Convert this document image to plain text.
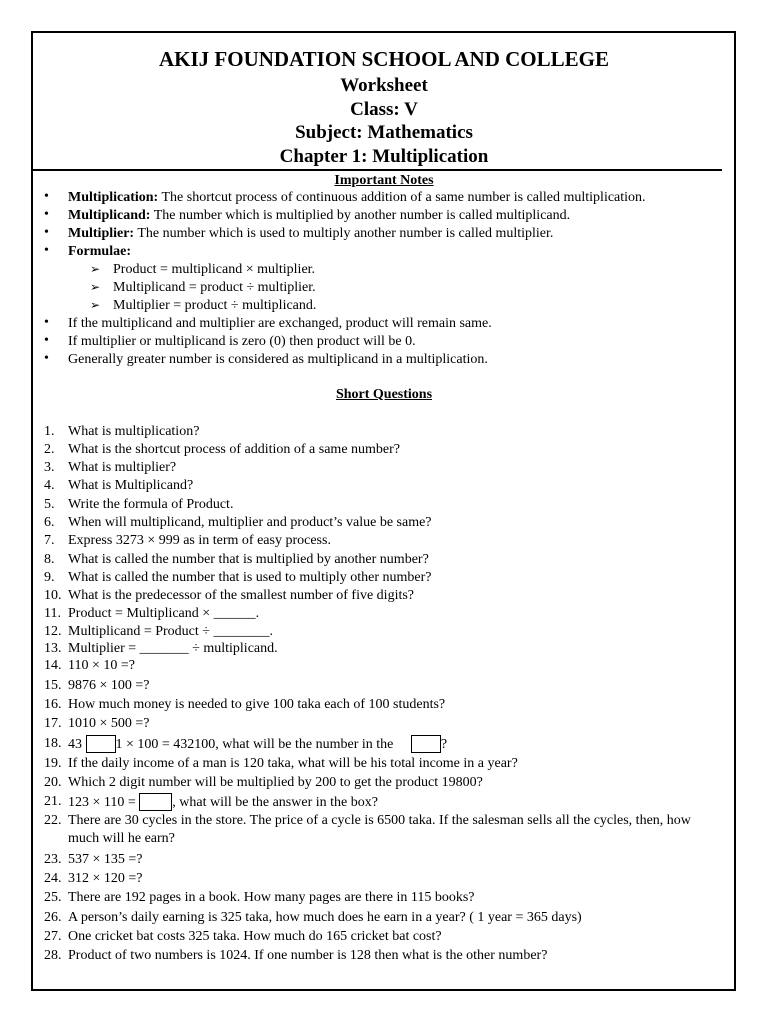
AKIJ FOUNDATION SCHOOL AND COLLEGE
Worksheet
Class: V
Subject: Mathematics
Chapter 1: Multiplication
Important Notes
• Multiplication: The shortcut process of continuous addition of a same number is called multiplication.
• Multiplicand: The number which is multiplied by another number is called multiplicand.
• Multiplier: The number which is used to multiply another number is called multiplier.
• Formulae:
➢ Product = multiplicand × multiplier.
➢ Multiplicand = product ÷ multiplier.
➢ Multiplier = product ÷ multiplicand.
• If the multiplicand and multiplier are exchanged, product will remain same.
• If multiplier or multiplicand is zero (0) then product will be 0.
• Generally greater number is considered as multiplicand in a multiplication.
Short Questions
1. What is multiplication?
2. What is the shortcut process of addition of a same number?
3. What is multiplier?
4. What is Multiplicand?
5. Write the formula of Product.
6. When will multiplicand, multiplier and product’s value be same?
7. Express 3273 × 999 as in term of easy process.
8. What is called the number that is multiplied by another number?
9. What is called the number that is used to multiply other number?
10. What is the predecessor of the smallest number of five digits?
11. Product = Multiplicand × ______.
12. Multiplicand = Product ÷ ________.
13. Multiplier = _______ ÷ multiplicand.
14. 110 × 10 =?
15. 9876 × 100 =?
16. How much money is needed to give 100 taka each of 100 students?
17. 1010 × 500 =?
18. 43 1 × 100 = 432100, what will be the number in the	?
19. If the daily income of a man is 120 taka, what will be his total income in a year?
20. Which 2 digit number will be multiplied by 200 to get the product 19800?
21. 123 × 110 =	, what will be the answer in the box?
22. There are 30 cycles in the store. The price of a cycle is 6500 taka. If the salesman sells all the cycles, then, how much will he earn?
23. 537 × 135 =?
24. 312 × 120 =?
25. There are 192 pages in a book. How many pages are there in 115 books?
26. A person’s daily earning is 325 taka, how much does he earn in a year? ( 1 year = 365 days)
27. One cricket bat costs 325 taka. How much do 165 cricket bat cost?
28. Product of two numbers is 1024. If one number is 128 then what is the other number?
